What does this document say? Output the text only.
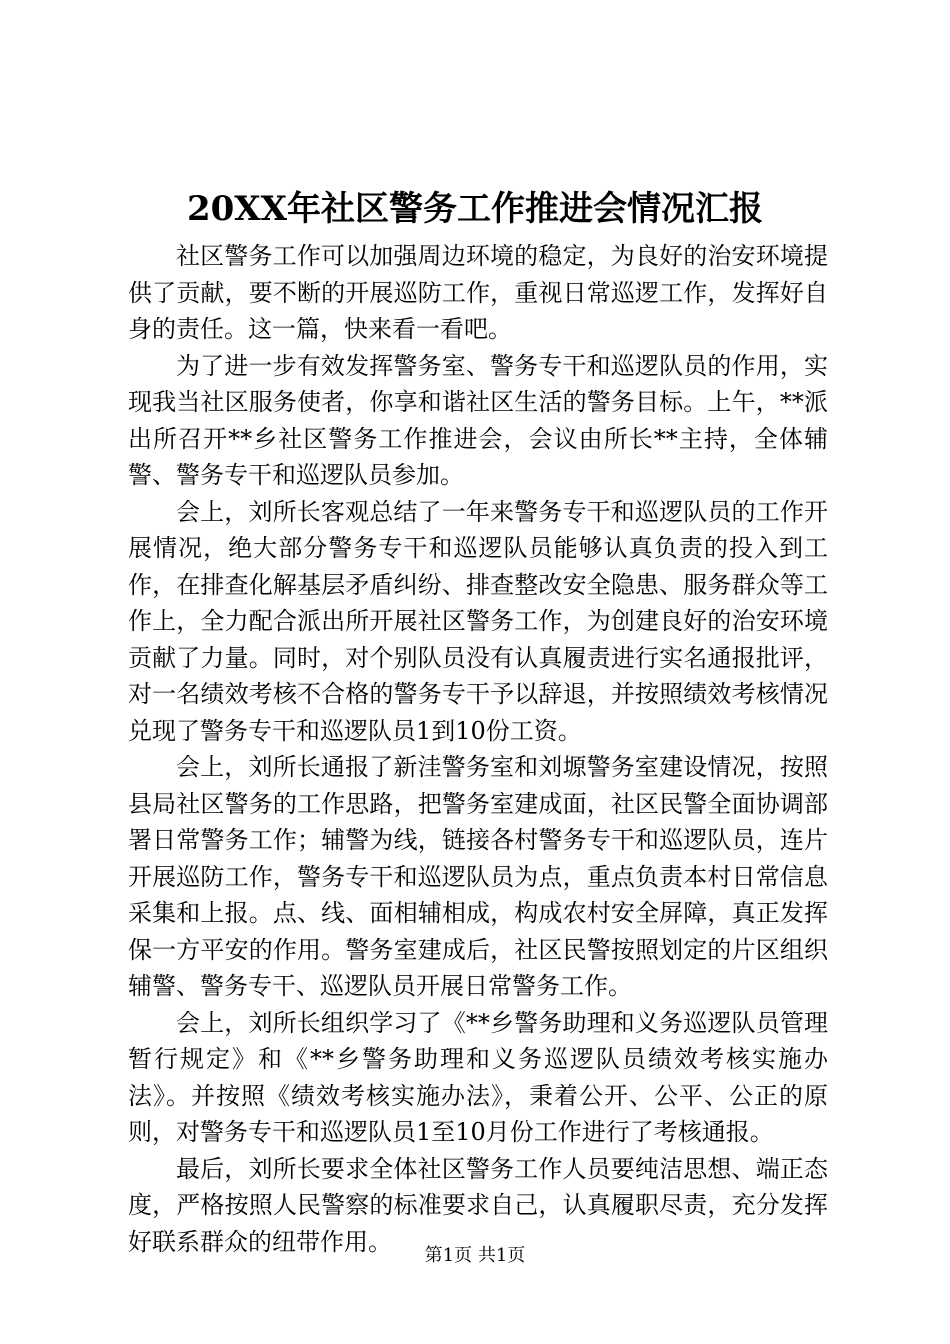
20XX年社区警务工作推进会情况汇报

社区警务工作可以加强周边环境的稳定，为良好的治安环境提供了贡献，要不断的开展巡防工作，重视日常巡逻工作，发挥好自身的责任。这一篇，快来看一看吧。

为了进一步有效发挥警务室、警务专干和巡逻队员的作用，实现我当社区服务使者，你享和谐社区生活的警务目标。上午，**派出所召开**乡社区警务工作推进会，会议由所长**主持，全体辅警、警务专干和巡逻队员参加。

会上，刘所长客观总结了一年来警务专干和巡逻队员的工作开展情况，绝大部分警务专干和巡逻队员能够认真负责的投入到工作，在排查化解基层矛盾纠纷、排查整改安全隐患、服务群众等工作上，全力配合派出所开展社区警务工作，为创建良好的治安环境贡献了力量。同时，对个别队员没有认真履责进行实名通报批评，对一名绩效考核不合格的警务专干予以辞退，并按照绩效考核情况兑现了警务专干和巡逻队员1到10份工资。

会上，刘所长通报了新洼警务室和刘塬警务室建设情况，按照县局社区警务的工作思路，把警务室建成面，社区民警全面协调部署日常警务工作；辅警为线，链接各村警务专干和巡逻队员，连片开展巡防工作，警务专干和巡逻队员为点，重点负责本村日常信息采集和上报。点、线、面相辅相成，构成农村安全屏障，真正发挥保一方平安的作用。警务室建成后，社区民警按照划定的片区组织辅警、警务专干、巡逻队员开展日常警务工作。

会上，刘所长组织学习了《**乡警务助理和义务巡逻队员管理暂行规定》和《**乡警务助理和义务巡逻队员绩效考核实施办法》。并按照《绩效考核实施办法》，秉着公开、公平、公正的原则，对警务专干和巡逻队员1至10月份工作进行了考核通报。

最后，刘所长要求全体社区警务工作人员要纯洁思想、端正态度，严格按照人民警察的标准要求自己，认真履职尽责，充分发挥好联系群众的纽带作用。	第1页 共1页
